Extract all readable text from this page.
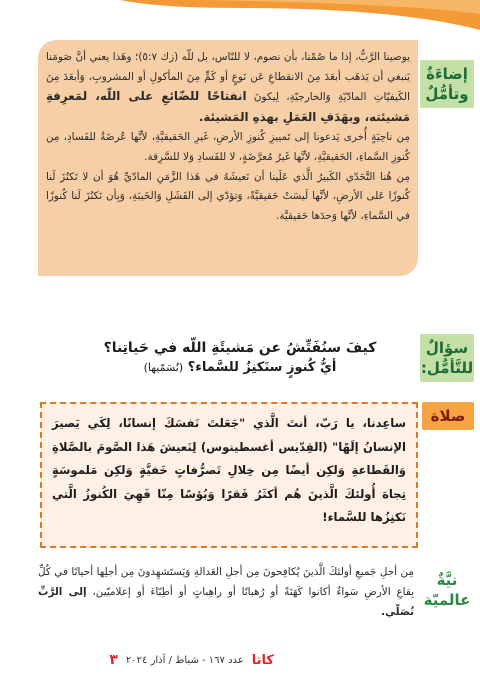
إضاءَةٌ
وتأمُّلٌ

يوصينا الرَّبُّ، إذا ما صُمْنا، بأن نصوم، لا للنّاس، بل للّه (زك ٥:٧)؛ وهَذا يعني أنَّ صَومَنا يَنبغي أن يَذهَب أبعَدَ مِنَ الانقطاعِ عَن نَوعٍ أو كَمٍّ مِنَ المأكولِ أو المشروبِ، وَأبعَدَ مِنَ الكَيفيّاتِ المادّيّةِ وَالخارجيّةِ، لِيكونَ انفتاحًا للضّائعِ على اللّه، لمَعرِفةِ مَشيئته، وبهَدَفِ العَمَلِ بهذهِ المَشيئة.

مِن ناحِيَةٍ أُخرى يَدعونا إلى تَمييزِ كُنوزِ الأرضِ، غَيرِ الحَقيقيَّةِ، لأنَّها عُرضَةٌ للفَسادِ، مِن كُنوزِ السَّماءِ، الحَقيقيَّةِ، لأنَّها غَيرُ مُعرَّضَةٍ، لا للفَسادِ وَلا للسَّرِقة.

مِن هُنا التَّحَدّي الكَبيرُ الَّذي عَلَينا أن نَعيشَهُ في هَذا الزَّمَنِ المادّيِّ هُوَ أن لا نَكنُزَ لَنا كُنوزًا عَلى الأرضِ، لأنَّها لَيسَتْ حَقيقيَّةً، وَتؤدّي إلى الفَشَلِ وَالخَيبَةِ، وَبِأن نَكنُزَ لَنا كُنوزًا في السَّماءِ، لأنَّها وَحدَها حَقيقيَّة.

سؤالٌ
للتَّأمُّل:
كيفَ سنُفَتِّشُ عن مَشيئَةِ اللّه في حَياتِنا؟
أيُّ كُنوزٍ سنَكنِزُ للسَّماء؟ (نُسَمّيها)
صلاة
ساعِدنا، يا رَبّ، أنتَ الَّذي "جَعَلتَ نَفسَكَ إنسانًا، لِكَي يَصيرَ الإنسانُ إلَهًا" (القِدّيس أغسطينوس) لِنَعيشَ هَذا الصَّومَ بالصَّلاةِ وَالقَطاعةِ وَلكِن أيضًا مِن خِلالِ تَصرُّفاتٍ خَفيَّةٍ وَلكِن مَلموسَةٍ تِجاهَ أُولئكَ الَّذينَ هُم أكثَرُ فَقرًا وَبُؤسًا مِنّا فَهِيَ الكُنوزُ الَّتي نَكنِزُها للسَّماء!
نيَّةٌ
عالميّة
مِن أجلِ جَميعِ أولئكَ الَّذينَ يُكافِحونَ مِن أجلِ العَدالةِ وَيَستَشهِدونَ مِن أجلِها أحيانًا في كُلِّ بِقاعِ الأرضِ سَواءٌ أكانوا كَهَنَةً أو رُهبانًا أو راهِباتٍ أو أطِبّاءَ أو إعلاميّين، إلى الرَّبِّ نُصَلّي.
كاتا
عدد ١٦٧ - شباط / آذار ٢٠٢٤
٣
